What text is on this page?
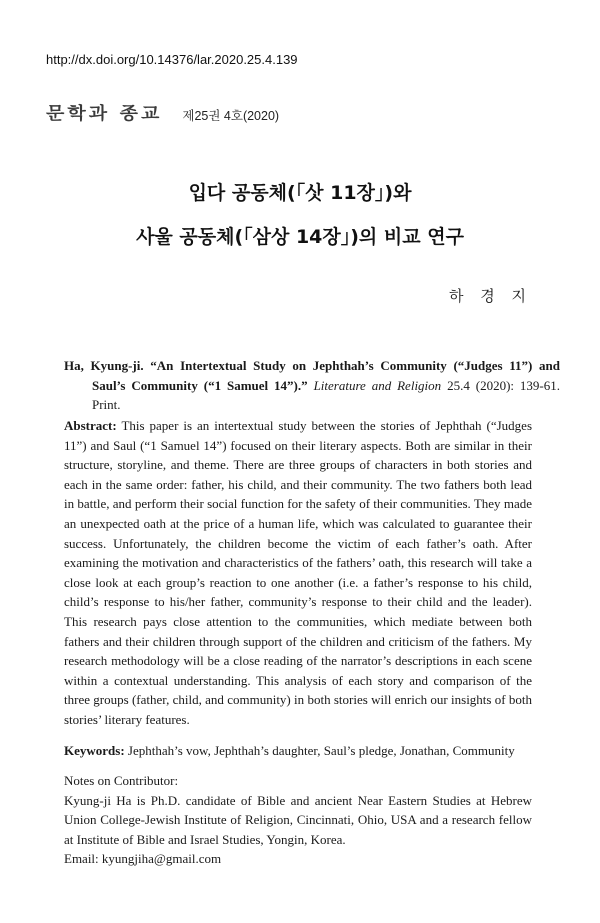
http://dx.doi.org/10.14376/lar.2020.25.4.139
문학과 종교 제25권 4호(2020)
입다 공동체(「삿 11장」)와
사울 공동체(「삼상 14장」)의 비교 연구
하 경 지
Ha, Kyung-ji. “An Intertextual Study on Jephthah’s Community (“Judges 11”) and Saul’s Community (“1 Samuel 14”).” Literature and Religion 25.4 (2020): 139-61. Print.
Abstract: This paper is an intertextual study between the stories of Jephthah (“Judges 11”) and Saul (“1 Samuel 14”) focused on their literary aspects. Both are similar in their structure, storyline, and theme. There are three groups of characters in both stories and each in the same order: father, his child, and their community. The two fathers both lead in battle, and perform their social function for the safety of their communities. They made an unexpected oath at the price of a human life, which was calculated to guarantee their success. Unfortunately, the children become the victim of each father’s oath. After examining the motivation and characteristics of the fathers’ oath, this research will take a close look at each group’s reaction to one another (i.e. a father’s response to his child, child’s response to his/her father, community’s response to their child and the leader). This research pays close attention to the communities, which mediate between both fathers and their children through support of the children and criticism of the fathers. My research methodology will be a close reading of the narrator’s descriptions in each scene within a contextual understanding. This analysis of each story and comparison of the three groups (father, child, and community) in both stories will enrich our insights of both stories’ literary features.
Keywords: Jephthah’s vow, Jephthah’s daughter, Saul’s pledge, Jonathan, Community
Notes on Contributor:
Kyung-ji Ha is Ph.D. candidate of Bible and ancient Near Eastern Studies at Hebrew Union College-Jewish Institute of Religion, Cincinnati, Ohio, USA and a research fellow at Institute of Bible and Israel Studies, Yongin, Korea.
Email: kyungjiha@gmail.com
